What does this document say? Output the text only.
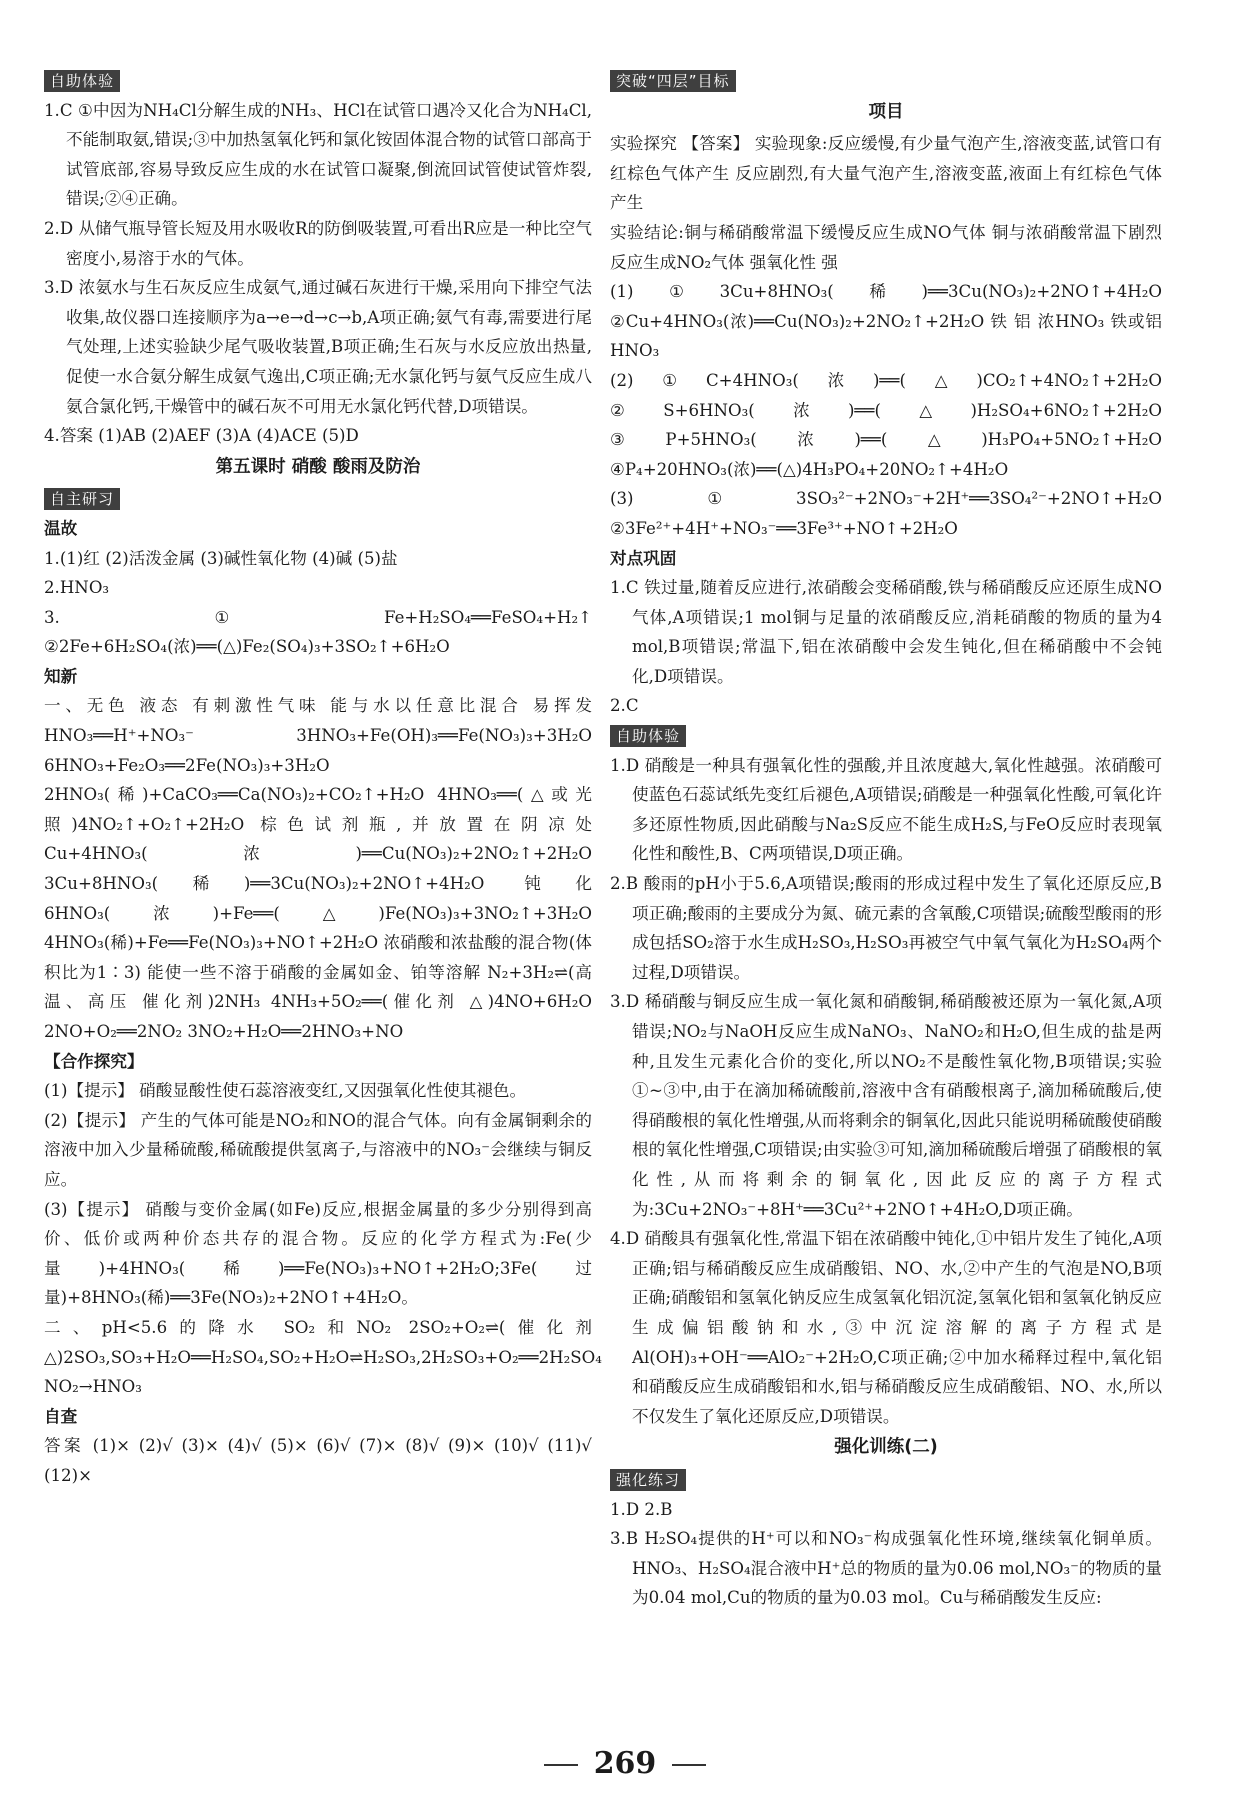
自助体验
1.C ①中因为NH₄Cl分解生成的NH₃、HCl在试管口遇冷又化合为NH₄Cl,不能制取氨,错误;③中加热氢氧化钙和氯化铵固体混合物的试管口部高于试管底部,容易导致反应生成的水在试管口凝聚,倒流回试管使试管炸裂,错误;②④正确。
2.D 从储气瓶导管长短及用水吸收R的防倒吸装置,可看出R应是一种比空气密度小,易溶于水的气体。
3.D 浓氨水与生石灰反应生成氨气,通过碱石灰进行干燥,采用向下排空气法收集,故仪器口连接顺序为a→e→d→c→b,A项正确;氨气有毒,需要进行尾气处理,上述实验缺少尾气吸收装置,B项正确;生石灰与水反应放出热量,促使一水合氨分解生成氨气逸出,C项正确;无水氯化钙与氨气反应生成八氨合氯化钙,干燥管中的碱石灰不可用无水氯化钙代替,D项错误。
4.答案 (1)AB (2)AEF (3)A (4)ACE (5)D
第五课时 硝酸 酸雨及防治
自主研习
温故
1.(1)红 (2)活泼金属 (3)碱性氧化物 (4)碱 (5)盐
2.HNO₃
3.①Fe+H₂SO₄══FeSO₄+H₂↑ ②2Fe+6H₂SO₄(浓)══(△)Fe₂(SO₄)₃+3SO₂↑+6H₂O
知新
一、无色 液态 有刺激性气味 能与水以任意比混合 易挥发 HNO₃══H⁺+NO₃⁻ 3HNO₃+Fe(OH)₃══Fe(NO₃)₃+3H₂O 6HNO₃+Fe₂O₃══2Fe(NO₃)₃+3H₂O 2HNO₃(稀)+CaCO₃══Ca(NO₃)₂+CO₂↑+H₂O 4HNO₃══(△或光照)4NO₂↑+O₂↑+2H₂O 棕色试剂瓶,并放置在阴凉处 Cu+4HNO₃(浓)══Cu(NO₃)₂+2NO₂↑+2H₂O 3Cu+8HNO₃(稀)══3Cu(NO₃)₂+2NO↑+4H₂O 钝化 6HNO₃(浓)+Fe══(△)Fe(NO₃)₃+3NO₂↑+3H₂O 4HNO₃(稀)+Fe══Fe(NO₃)₃+NO↑+2H₂O 浓硝酸和浓盐酸的混合物(体积比为1∶3) 能使一些不溶于硝酸的金属如金、铂等溶解 N₂+3H₂⇌(高温、高压 催化剂)2NH₃ 4NH₃+5O₂══(催化剂 △)4NO+6H₂O 2NO+O₂══2NO₂ 3NO₂+H₂O══2HNO₃+NO
【合作探究】
(1)【提示】 硝酸显酸性使石蕊溶液变红,又因强氧化性使其褪色。
(2)【提示】 产生的气体可能是NO₂和NO的混合气体。向有金属铜剩余的溶液中加入少量稀硫酸,稀硫酸提供氢离子,与溶液中的NO₃⁻会继续与铜反应。
(3)【提示】 硝酸与变价金属(如Fe)反应,根据金属量的多少分别得到高价、低价或两种价态共存的混合物。反应的化学方程式为:Fe(少量)+4HNO₃(稀)══Fe(NO₃)₃+NO↑+2H₂O;3Fe(过量)+8HNO₃(稀)══3Fe(NO₃)₂+2NO↑+4H₂O。
二、pH<5.6的降水 SO₂和NO₂ 2SO₂+O₂⇌(催化剂 △)2SO₃,SO₃+H₂O══H₂SO₄,SO₂+H₂O⇌H₂SO₃,2H₂SO₃+O₂══2H₂SO₄ NO₂→HNO₃
自查
答案 (1)× (2)√ (3)× (4)√ (5)× (6)√ (7)× (8)√ (9)× (10)√ (11)√ (12)×
突破“四层”目标
项目
实验探究 【答案】 实验现象:反应缓慢,有少量气泡产生,溶液变蓝,试管口有红棕色气体产生 反应剧烈,有大量气泡产生,溶液变蓝,液面上有红棕色气体产生
实验结论:铜与稀硝酸常温下缓慢反应生成NO气体 铜与浓硝酸常温下剧烈反应生成NO₂气体 强氧化性 强
(1)①3Cu+8HNO₃(稀)══3Cu(NO₃)₂+2NO↑+4H₂O ②Cu+4HNO₃(浓)══Cu(NO₃)₂+2NO₂↑+2H₂O 铁 铝 浓HNO₃ 铁或铝 HNO₃
(2)①C+4HNO₃(浓)══(△)CO₂↑+4NO₂↑+2H₂O ②S+6HNO₃(浓)══(△)H₂SO₄+6NO₂↑+2H₂O ③P+5HNO₃(浓)══(△)H₃PO₄+5NO₂↑+H₂O ④P₄+20HNO₃(浓)══(△)4H₃PO₄+20NO₂↑+4H₂O
(3)①3SO₃²⁻+2NO₃⁻+2H⁺══3SO₄²⁻+2NO↑+H₂O ②3Fe²⁺+4H⁺+NO₃⁻══3Fe³⁺+NO↑+2H₂O
对点巩固
1.C 铁过量,随着反应进行,浓硝酸会变稀硝酸,铁与稀硝酸反应还原生成NO气体,A项错误;1 mol铜与足量的浓硝酸反应,消耗硝酸的物质的量为4 mol,B项错误;常温下,铝在浓硝酸中会发生钝化,但在稀硝酸中不会钝化,D项错误。
2.C
自助体验
1.D 硝酸是一种具有强氧化性的强酸,并且浓度越大,氧化性越强。浓硝酸可使蓝色石蕊试纸先变红后褪色,A项错误;硝酸是一种强氧化性酸,可氧化许多还原性物质,因此硝酸与Na₂S反应不能生成H₂S,与FeO反应时表现氧化性和酸性,B、C两项错误,D项正确。
2.B 酸雨的pH小于5.6,A项错误;酸雨的形成过程中发生了氧化还原反应,B项正确;酸雨的主要成分为氮、硫元素的含氧酸,C项错误;硫酸型酸雨的形成包括SO₂溶于水生成H₂SO₃,H₂SO₃再被空气中氧气氧化为H₂SO₄两个过程,D项错误。
3.D 稀硝酸与铜反应生成一氧化氮和硝酸铜,稀硝酸被还原为一氧化氮,A项错误;NO₂与NaOH反应生成NaNO₃、NaNO₂和H₂O,但生成的盐是两种,且发生元素化合价的变化,所以NO₂不是酸性氧化物,B项错误;实验①~③中,由于在滴加稀硫酸前,溶液中含有硝酸根离子,滴加稀硫酸后,使得硝酸根的氧化性增强,从而将剩余的铜氧化,因此只能说明稀硫酸使硝酸根的氧化性增强,C项错误;由实验③可知,滴加稀硫酸后增强了硝酸根的氧化性,从而将剩余的铜氧化,因此反应的离子方程式为:3Cu+2NO₃⁻+8H⁺══3Cu²⁺+2NO↑+4H₂O,D项正确。
4.D 硝酸具有强氧化性,常温下铝在浓硝酸中钝化,①中铝片发生了钝化,A项正确;铝与稀硝酸反应生成硝酸铝、NO、水,②中产生的气泡是NO,B项正确;硝酸铝和氢氧化钠反应生成氢氧化铝沉淀,氢氧化铝和氢氧化钠反应生成偏铝酸钠和水,③中沉淀溶解的离子方程式是Al(OH)₃+OH⁻══AlO₂⁻+2H₂O,C项正确;②中加水稀释过程中,氧化铝和硝酸反应生成硝酸铝和水,铝与稀硝酸反应生成硝酸铝、NO、水,所以不仅发生了氧化还原反应,D项错误。
强化训练(二)
强化练习
1.D 2.B
3.B H₂SO₄提供的H⁺可以和NO₃⁻构成强氧化性环境,继续氧化铜单质。HNO₃、H₂SO₄混合液中H⁺总的物质的量为0.06 mol,NO₃⁻的物质的量为0.04 mol,Cu的物质的量为0.03 mol。Cu与稀硝酸发生反应:
269
